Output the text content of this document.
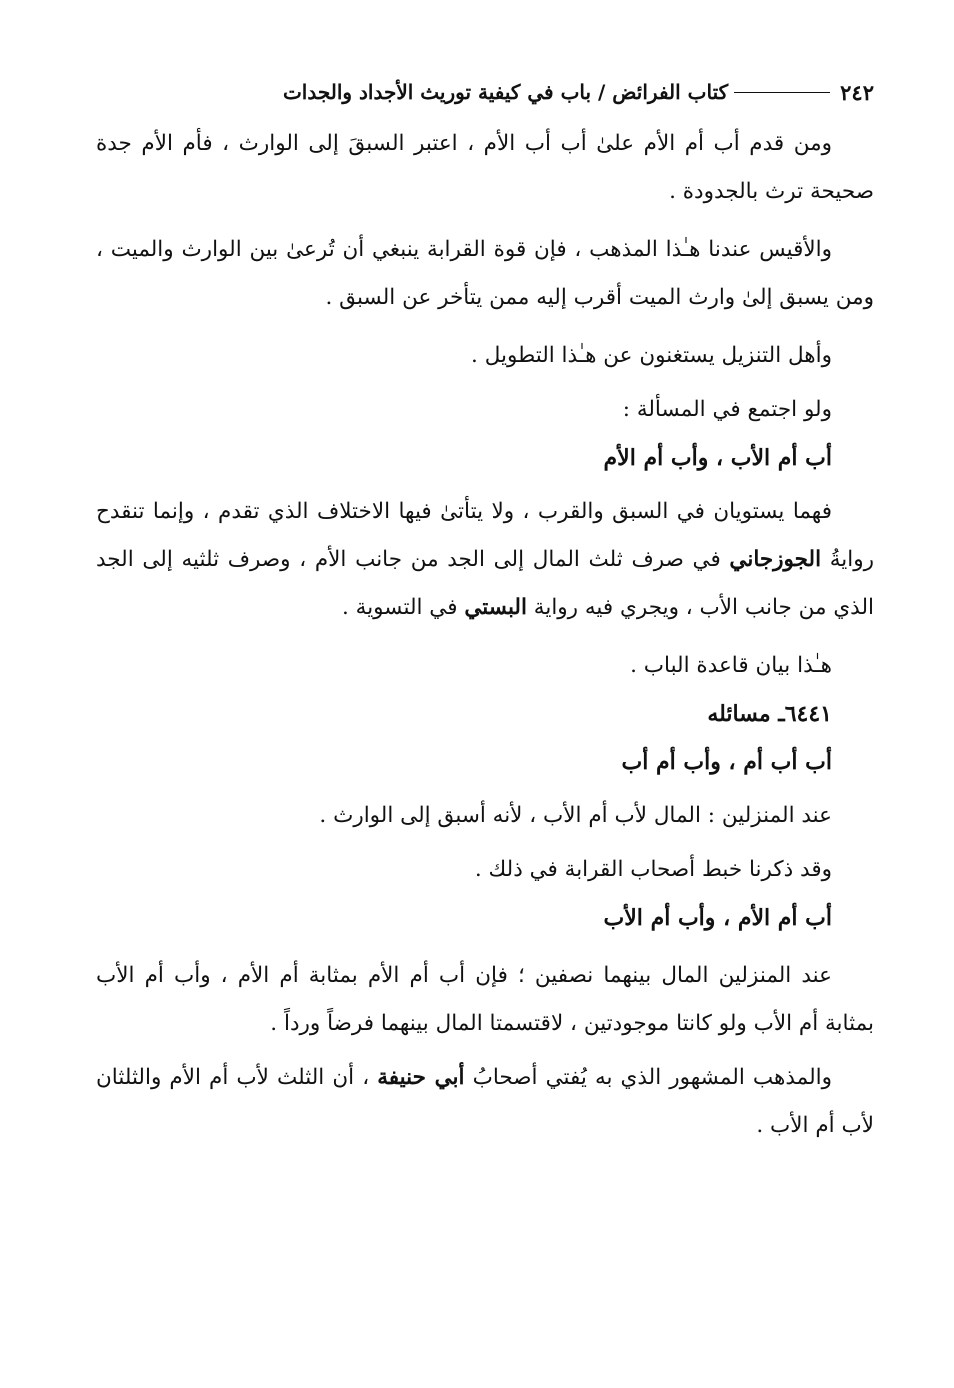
٢٤٢
كتاب الفرائض / باب في كيفية توريث الأجداد والجدات

ومن قدم أب أم الأم علىٰ أب أب الأم ، اعتبر السبقَ إلى الوارث ، فأم الأم جدة صحيحة ترث بالجدودة .

والأقيس عندنا هـٰذا المذهب ، فإن قوة القرابة ينبغي أن تُرعىٰ بين الوارث والميت ، ومن يسبق إلىٰ وارث الميت أقرب إليه ممن يتأخر عن السبق .

وأهل التنزيل يستغنون عن هـٰذا التطويل .

ولو اجتمع في المسألة :

أب أم الأب ، وأب أم الأم

فهما يستويان في السبق والقرب ، ولا يتأتىٰ فيها الاختلاف الذي تقدم ، وإنما تنقدح روايةُ الجوزجاني في صرف ثلث المال إلى الجد من جانب الأم ، وصرف ثلثيه إلى الجد الذي من جانب الأب ، ويجري فيه رواية البستي في التسوية .

هـٰذا بيان قاعدة الباب .

٦٤٤١ـ مسائله

أب أب أم ، وأب أم أب

عند المنزلين : المال لأب أم الأب ، لأنه أسبق إلى الوارث .

وقد ذكرنا خبط أصحاب القرابة في ذلك .

أب أم الأم ، وأب أم الأب

عند المنزلين المال بينهما نصفين ؛ فإن أب أم الأم بمثابة أم الأم ، وأب أم الأب بمثابة أم الأب ولو كانتا موجودتين ، لاقتسمتا المال بينهما فرضاً ورداً .

والمذهب المشهور الذي به يُفتي أصحابُ أبي حنيفة ، أن الثلث لأب أم الأم والثلثان لأب أم الأب .
